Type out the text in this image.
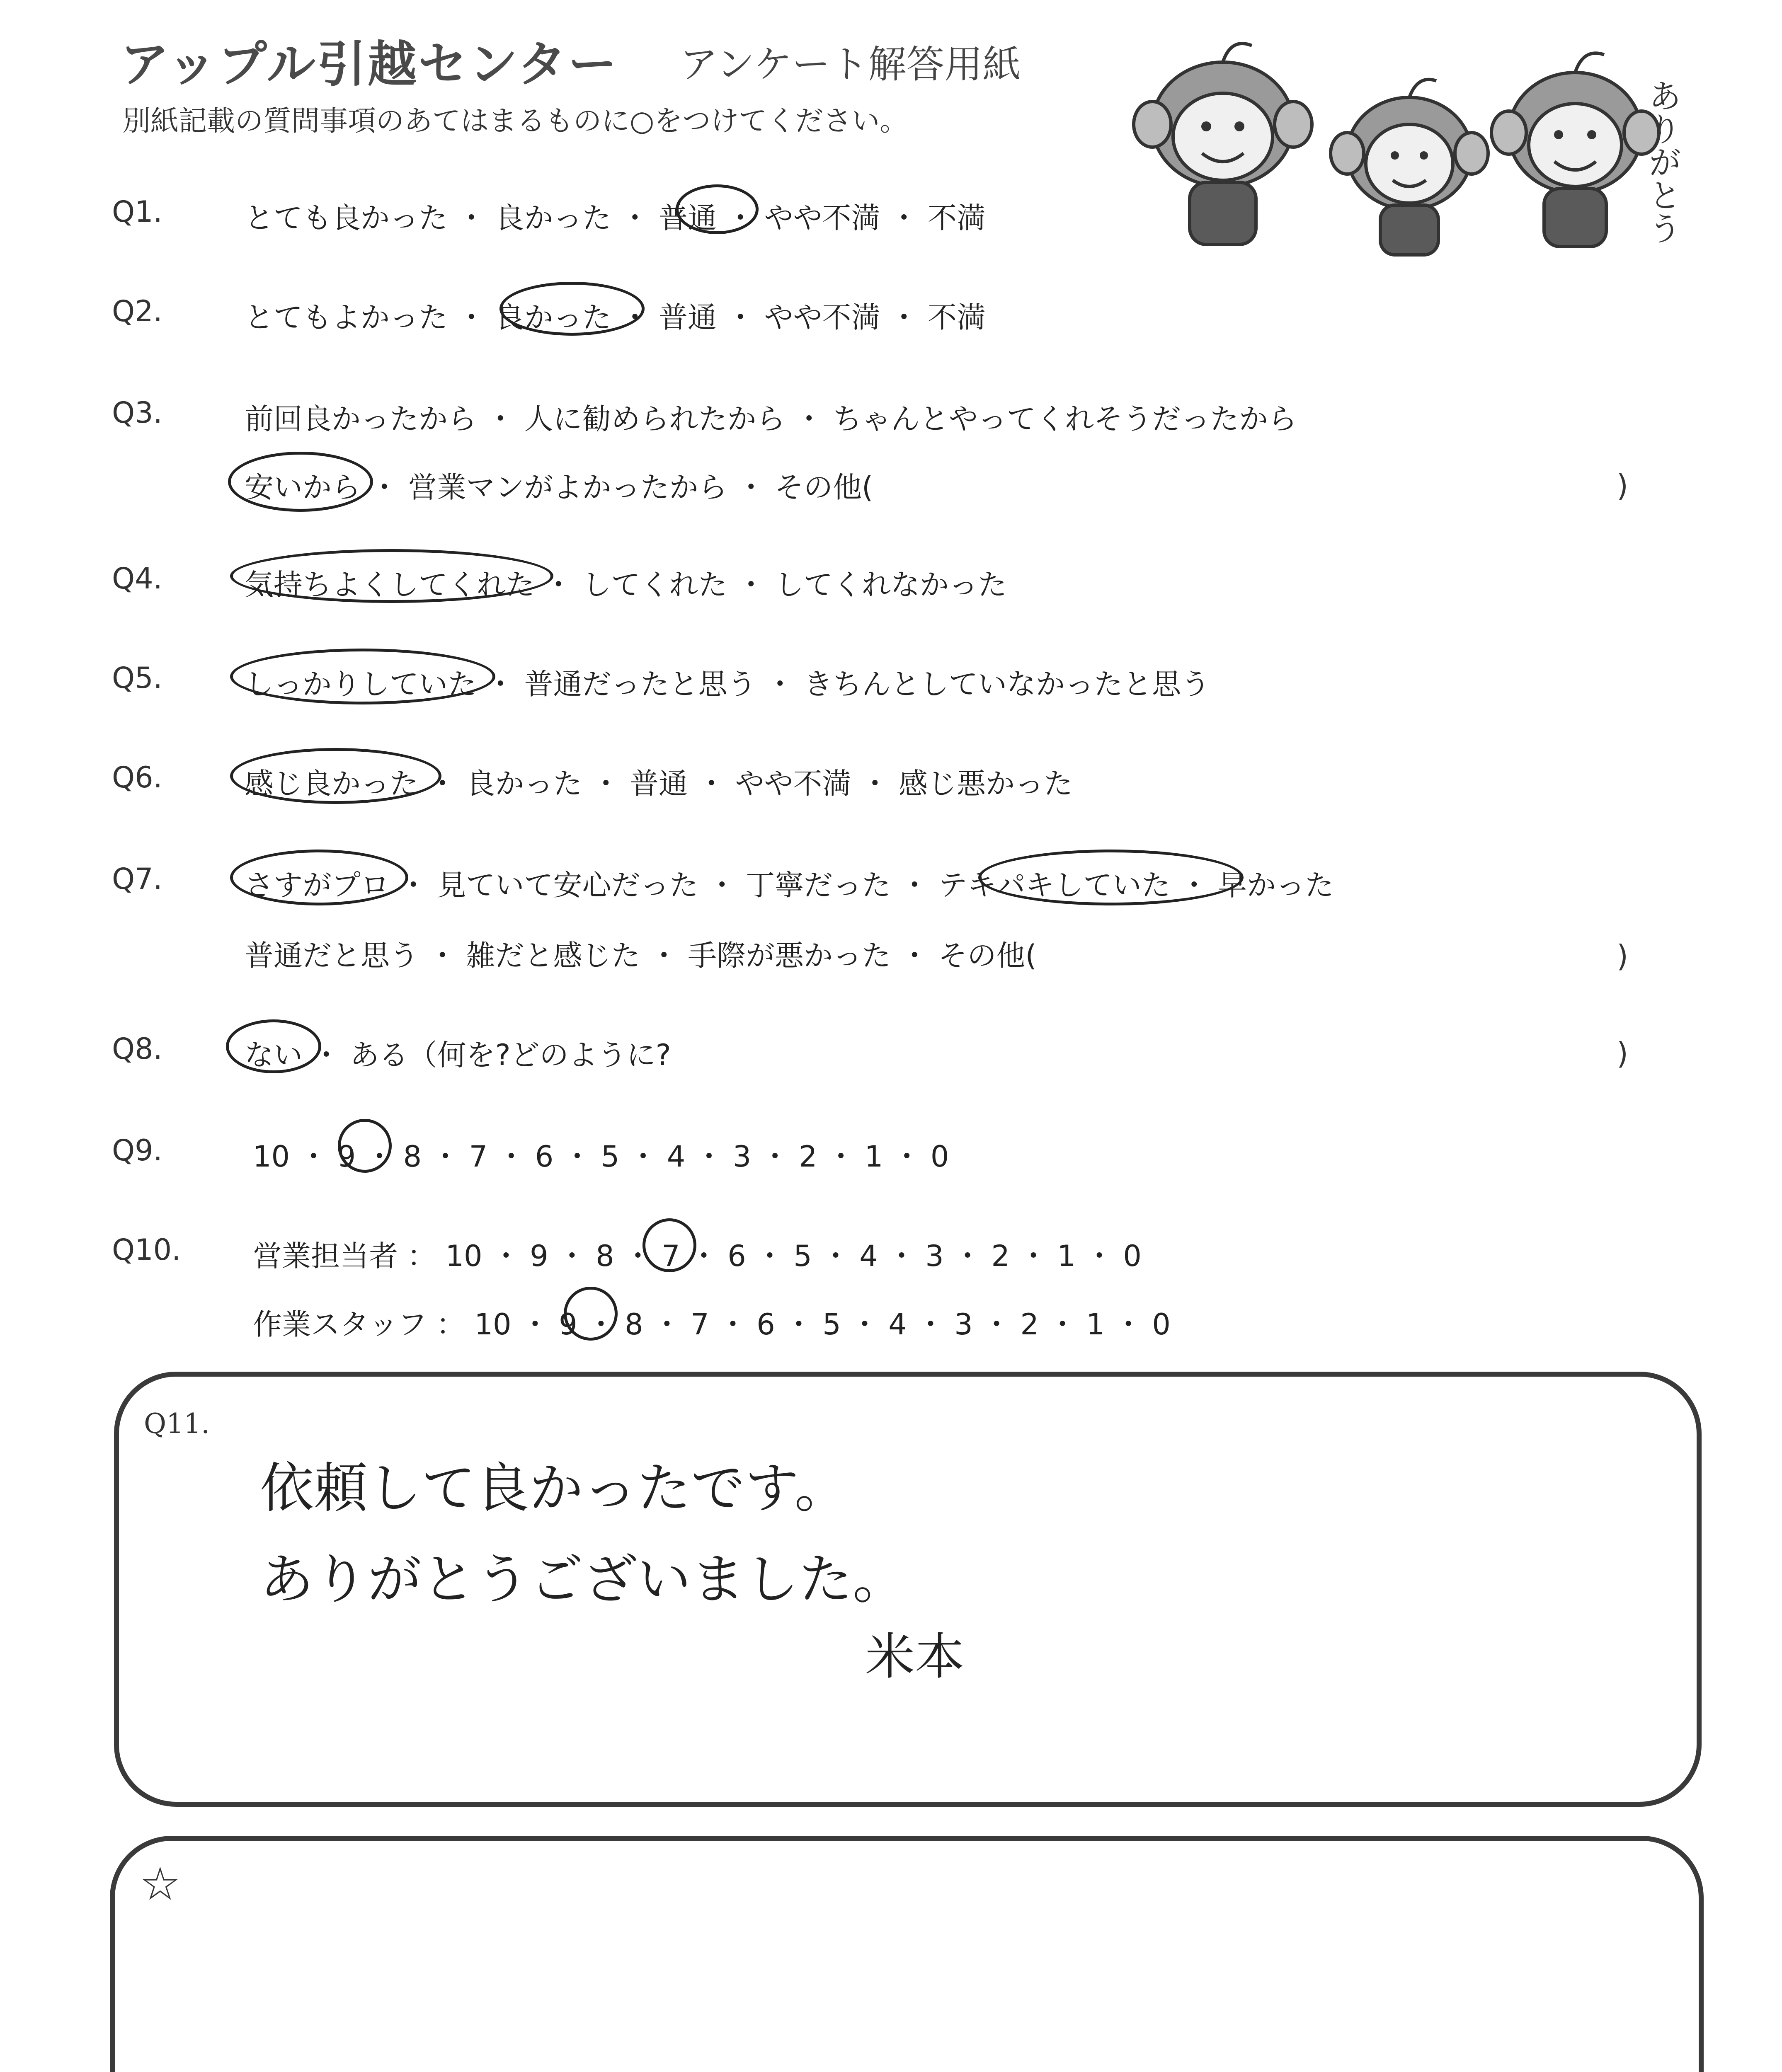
アップル引越センター アンケート解答用紙
別紙記載の質問事項のあてはまるものに○をつけてください。	ありがとう
Q1.	とても良かった ・ 良かった ・ 普通 ・ やや不満 ・ 不満
Q2.	とてもよかった ・ 良かった ・ 普通 ・ やや不満 ・ 不満
Q3.	前回良かったから ・ 人に勧められたから ・ ちゃんとやってくれそうだったから
安いから ・ 営業マンがよかったから ・ その他(	)
Q4.	気持ちよくしてくれた ・ してくれた ・ してくれなかった
Q5.	しっかりしていた ・ 普通だったと思う ・ きちんとしていなかったと思う
Q6.	感じ良かった ・ 良かった ・ 普通 ・ やや不満 ・ 感じ悪かった
Q7.	さすがプロ ・ 見ていて安心だった ・ 丁寧だった ・ テキパキしていた ・ 早かった
普通だと思う ・ 雑だと感じた ・ 手際が悪かった ・ その他(	)
Q8.	ない ・ ある（何を?どのように?	)
Q9.	10 ・ 9 ・ 8 ・ 7 ・ 6 ・ 5 ・ 4 ・ 3 ・ 2 ・ 1 ・ 0
Q10. 営業担当者 ： 10 ・ 9 ・ 8 ・ 7 ・ 6 ・ 5 ・ 4 ・ 3 ・ 2 ・ 1 ・ 0
作業スタッフ ： 10 ・ 9 ・ 8 ・ 7 ・ 6 ・ 5 ・ 4 ・ 3 ・ 2 ・ 1 ・ 0
Q11.
依頼して良かったです。
ありがとうございました。
米本
☆
